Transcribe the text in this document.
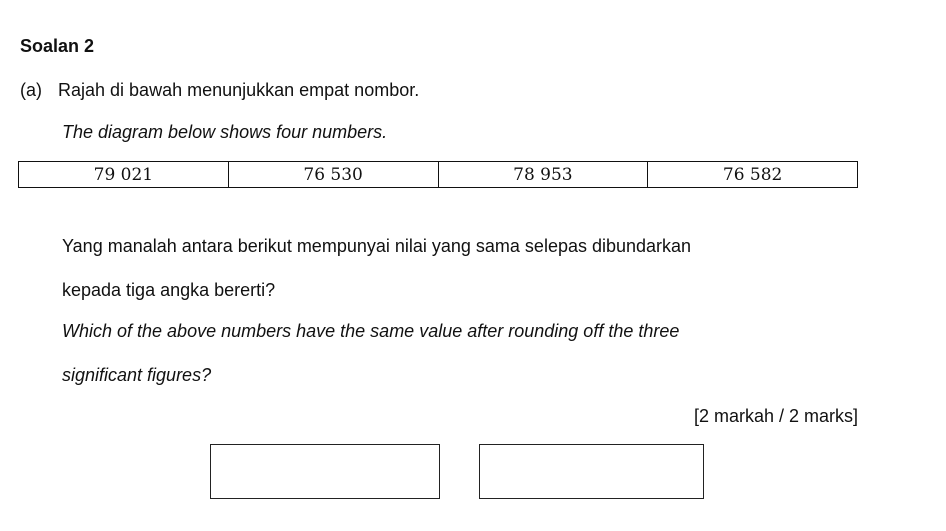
Soalan 2
(a) Rajah di bawah menunjukkan empat nombor.
The diagram below shows four numbers.
79 021	76 530	78 953	76 582
Yang manalah antara berikut mempunyai nilai yang sama selepas dibundarkan
kepada tiga angka bererti?
Which of the above numbers have the same value after rounding off the three
significant figures?
[2 markah / 2 marks]
